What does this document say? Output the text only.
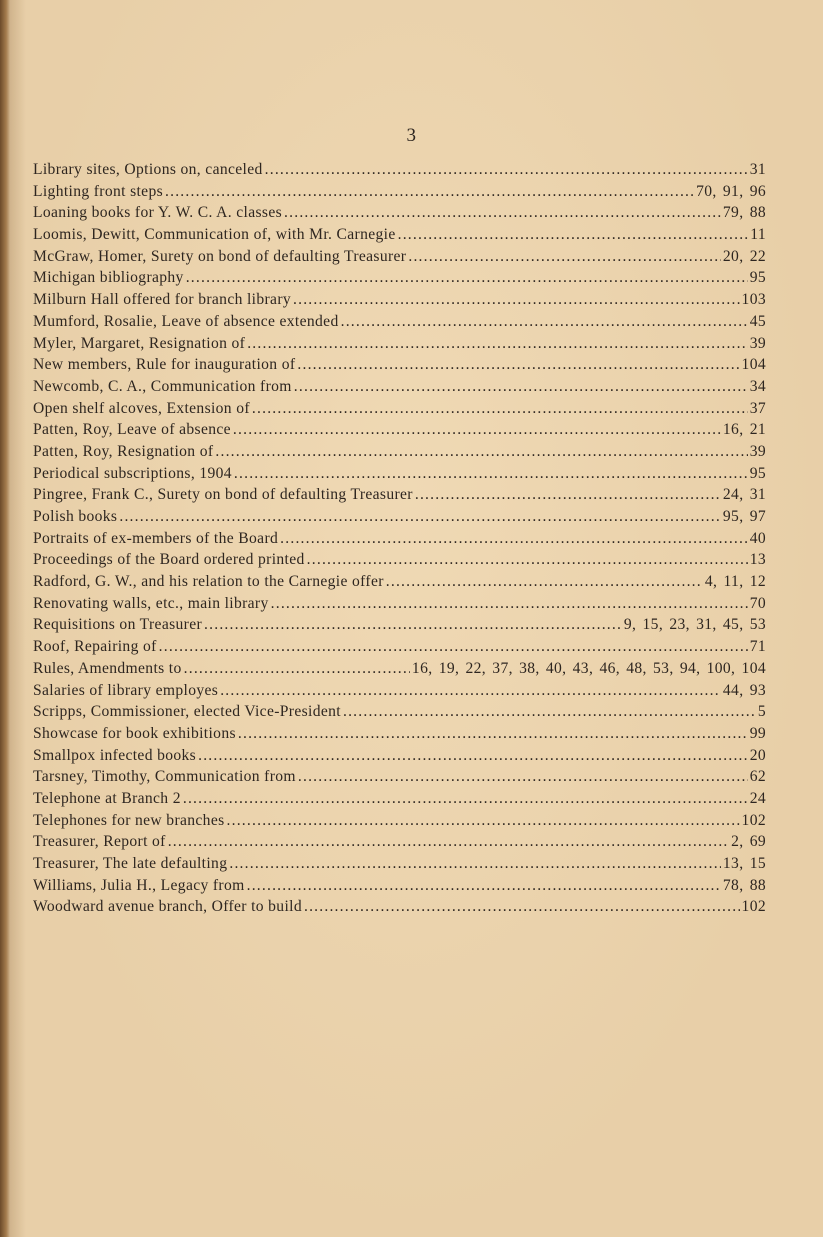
3
Library sites, Options on, canceled .....	31
Lighting front steps .....	70, 91, 96
Loaning books for Y. W. C. A. classes .....	79, 88
Loomis, Dewitt, Communication of, with Mr. Carnegie .....	11
McGraw, Homer, Surety on bond of defaulting Treasurer .....	20, 22
Michigan bibliography .....	95
Milburn Hall offered for branch library .....	103
Mumford, Rosalie, Leave of absence extended .....	45
Myler, Margaret, Resignation of .....	39
New members, Rule for inauguration of .....	104
Newcomb, C. A., Communication from .....	34
Open shelf alcoves, Extension of .....	37
Patten, Roy, Leave of absence .....	16, 21
Patten, Roy, Resignation of .....	39
Periodical subscriptions, 1904 .....	95
Pingree, Frank C., Surety on bond of defaulting Treasurer .....	24, 31
Polish books .....	95, 97
Portraits of ex-members of the Board .....	40
Proceedings of the Board ordered printed .....	13
Radford, G. W., and his relation to the Carnegie offer .....	4, 11, 12
Renovating walls, etc., main library .....	70
Requisitions on Treasurer .....	9, 15, 23, 31, 45, 53
Roof, Repairing of .....	71
Rules, Amendments to .....	16, 19, 22, 37, 38, 40, 43, 46, 48, 53, 94, 100, 104
Salaries of library employes .....	44, 93
Scripps, Commissioner, elected Vice-President .....	5
Showcase for book exhibitions .....	99
Smallpox infected books .....	20
Tarsney, Timothy, Communication from .....	62
Telephone at Branch 2 .....	24
Telephones for new branches .....	102
Treasurer, Report of .....	2, 69
Treasurer, The late defaulting .....	13, 15
Williams, Julia H., Legacy from .....	78, 88
Woodward avenue branch, Offer to build .....	102
